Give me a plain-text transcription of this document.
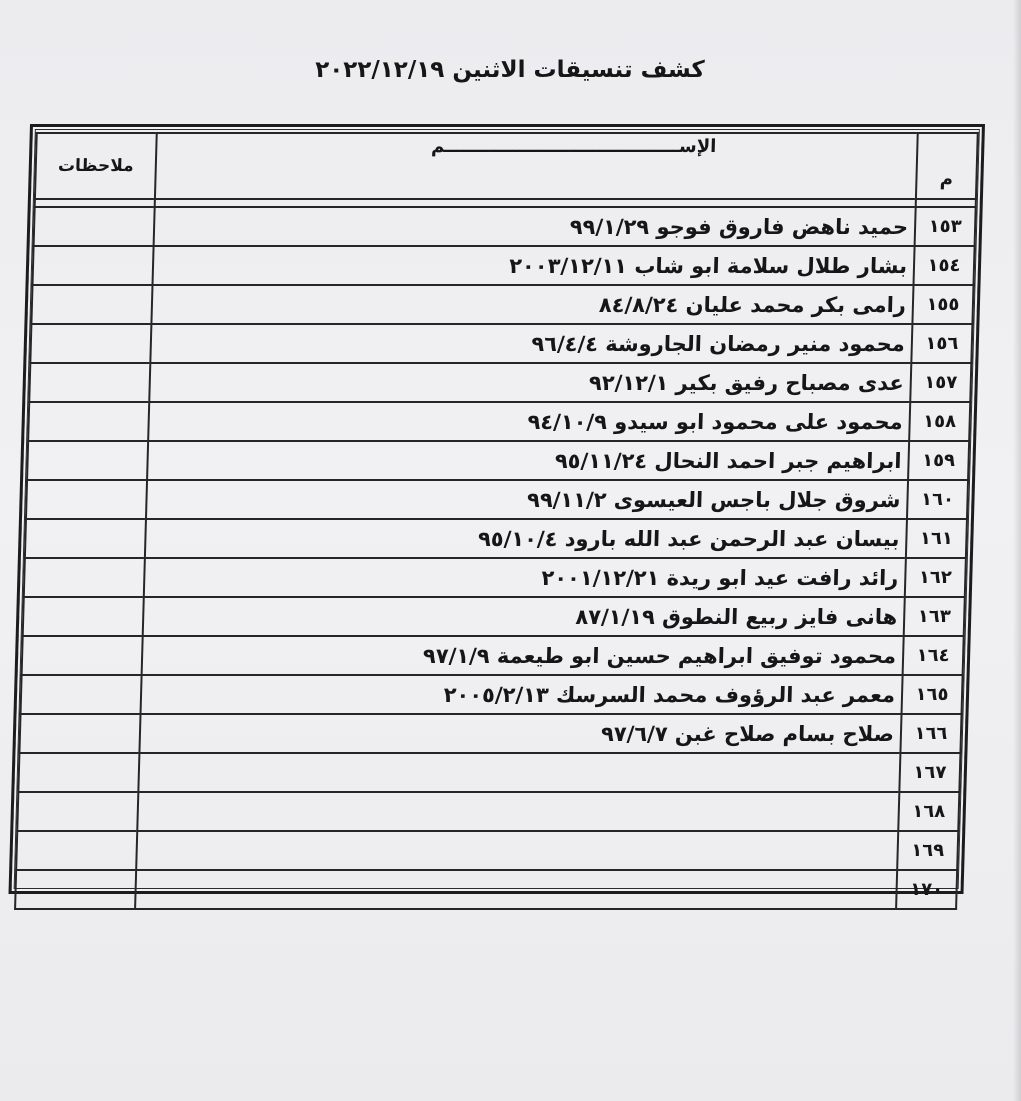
كشف تنسيقات الاثنين ٢٠٢٢/١٢/١٩
م	الإســــــــــــــــــــــــــــــــــــــم	ملاحظات

١٥٣	حميد ناهض فاروق فوجو ٩٩/١/٢٩	
١٥٤	بشار طلال سلامة ابو شاب ٢٠٠٣/١٢/١١	
١٥٥	رامى بكر محمد عليان ٨٤/٨/٢٤	
١٥٦	محمود منير رمضان الجاروشة ٩٦/٤/٤	
١٥٧	عدى مصباح رفيق بكير ٩٢/١٢/١	
١٥٨	محمود على محمود ابو سيدو ٩٤/١٠/٩	
١٥٩	ابراهيم جبر احمد النحال ٩٥/١١/٢٤	
١٦٠	شروق جلال باجس العيسوى ٩٩/١١/٢	
١٦١	بيسان عبد الرحمن عبد الله بارود ٩٥/١٠/٤	
١٦٢	رائد رافت عيد ابو ريدة ٢٠٠١/١٢/٢١	
١٦٣	هانى فايز ربيع النطوق ٨٧/١/١٩	
١٦٤	محمود توفيق ابراهيم حسين ابو طيعمة ٩٧/١/٩	
١٦٥	معمر عبد الرؤوف محمد السرسك ٢٠٠٥/٢/١٣	
١٦٦	صلاح بسام صلاح غبن ٩٧/٦/٧	
١٦٧		
١٦٨		
١٦٩		
١٧٠		
